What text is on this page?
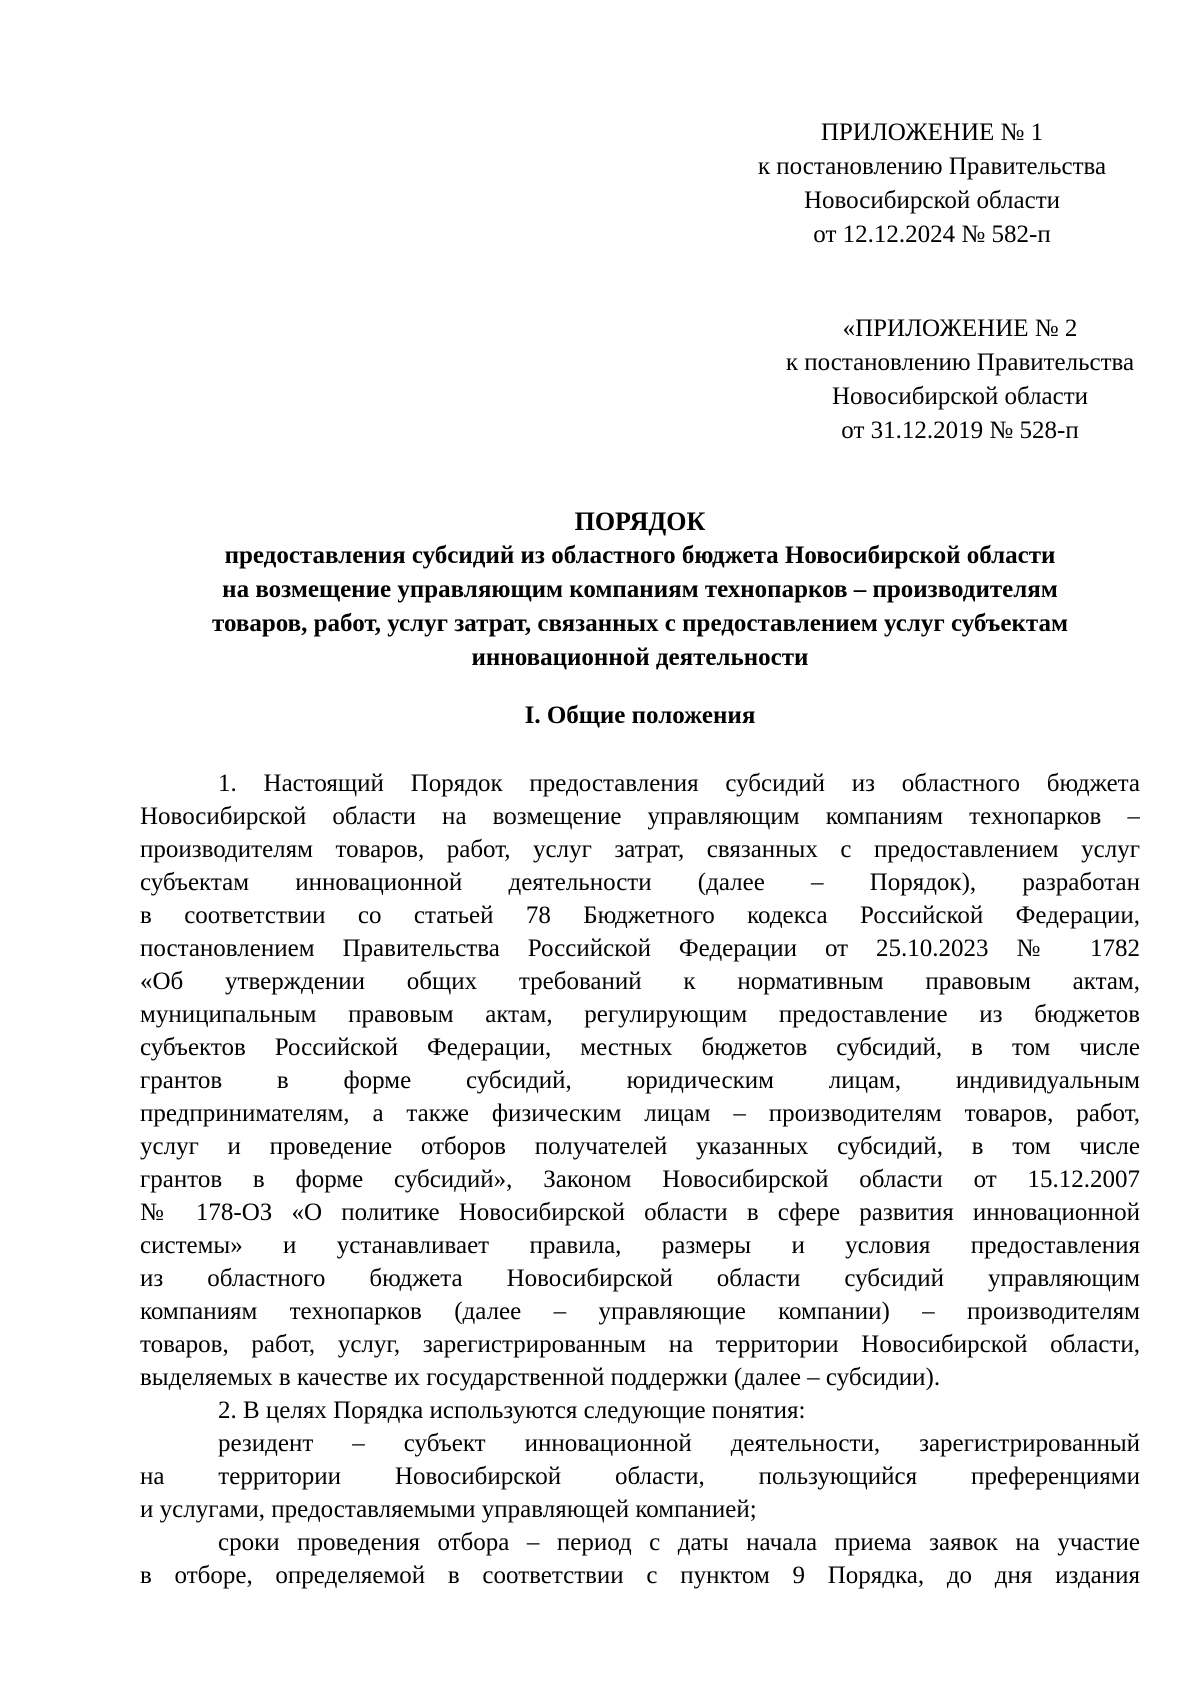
ПРИЛОЖЕНИЕ № 1
к постановлению Правительства
Новосибирской области
от 12.12.2024 № 582-п
«ПРИЛОЖЕНИЕ № 2
к постановлению Правительства
Новосибирской области
от 31.12.2019 № 528-п
ПОРЯДОК
предоставления субсидий из областного бюджета Новосибирской области
на возмещение управляющим компаниям технопарков – производителям
товаров, работ, услуг затрат, связанных с предоставлением услуг субъектам
инновационной деятельности
I. Общие положения
1. Настоящий Порядок предоставления субсидий из областного бюджета
Новосибирской области на возмещение управляющим компаниям технопарков –
производителям товаров, работ, услуг затрат, связанных с предоставлением услуг
субъектам инновационной деятельности (далее – Порядок), разработан
в соответствии со статьей 78 Бюджетного кодекса Российской Федерации,
постановлением Правительства Российской Федерации от 25.10.2023 № 1782
«Об утверждении общих требований к нормативным правовым актам,
муниципальным правовым актам, регулирующим предоставление из бюджетов
субъектов Российской Федерации, местных бюджетов субсидий, в том числе
грантов в форме субсидий, юридическим лицам, индивидуальным
предпринимателям, а также физическим лицам – производителям товаров, работ,
услуг и проведение отборов получателей указанных субсидий, в том числе
грантов в форме субсидий», Законом Новосибирской области от 15.12.2007
№ 178-ОЗ «О политике Новосибирской области в сфере развития инновационной
системы» и устанавливает правила, размеры и условия предоставления
из областного бюджета Новосибирской области субсидий управляющим
компаниям технопарков (далее – управляющие компании) – производителям
товаров, работ, услуг, зарегистрированным на территории Новосибирской области,
выделяемых в качестве их государственной поддержки (далее – субсидии).
2. В целях Порядка используются следующие понятия:
резидент – субъект инновационной деятельности, зарегистрированный
на территории Новосибирской области, пользующийся преференциями
и услугами, предоставляемыми управляющей компанией;
сроки проведения отбора – период с даты начала приема заявок на участие
в отборе, определяемой в соответствии с пунктом 9 Порядка, до дня издания
